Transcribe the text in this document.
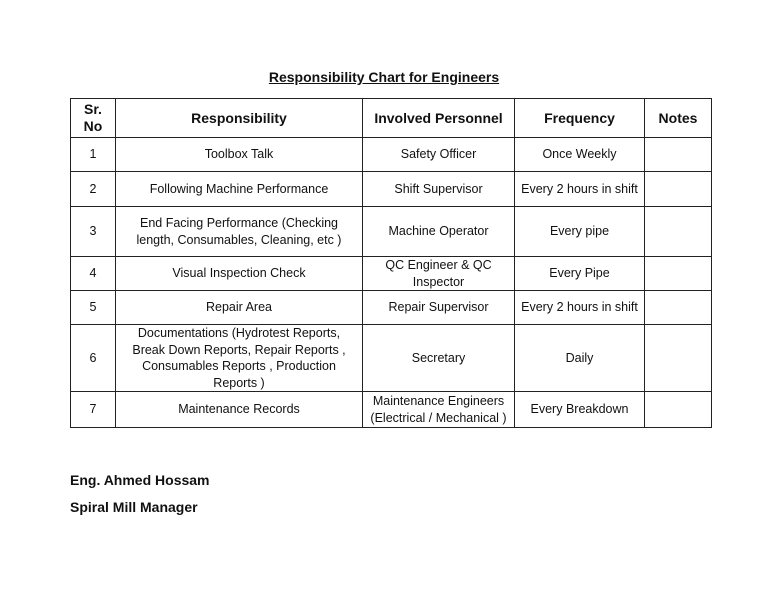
Responsibility Chart for Engineers
Sr. No	Responsibility	Involved Personnel	Frequency	Notes
1	Toolbox Talk	Safety Officer	Once Weekly	
2	Following Machine Performance	Shift Supervisor	Every 2 hours in shift	
3	End Facing Performance (Checking length, Consumables, Cleaning, etc )	Machine Operator	Every pipe	
4	Visual Inspection Check	QC Engineer & QC Inspector	Every Pipe	
5	Repair Area	Repair Supervisor	Every 2 hours in shift	
6	Documentations (Hydrotest Reports, Break Down Reports, Repair Reports , Consumables Reports , Production Reports )	Secretary	Daily	
7	Maintenance Records	Maintenance Engineers (Electrical / Mechanical )	Every Breakdown	
Eng. Ahmed Hossam
Spiral Mill Manager
